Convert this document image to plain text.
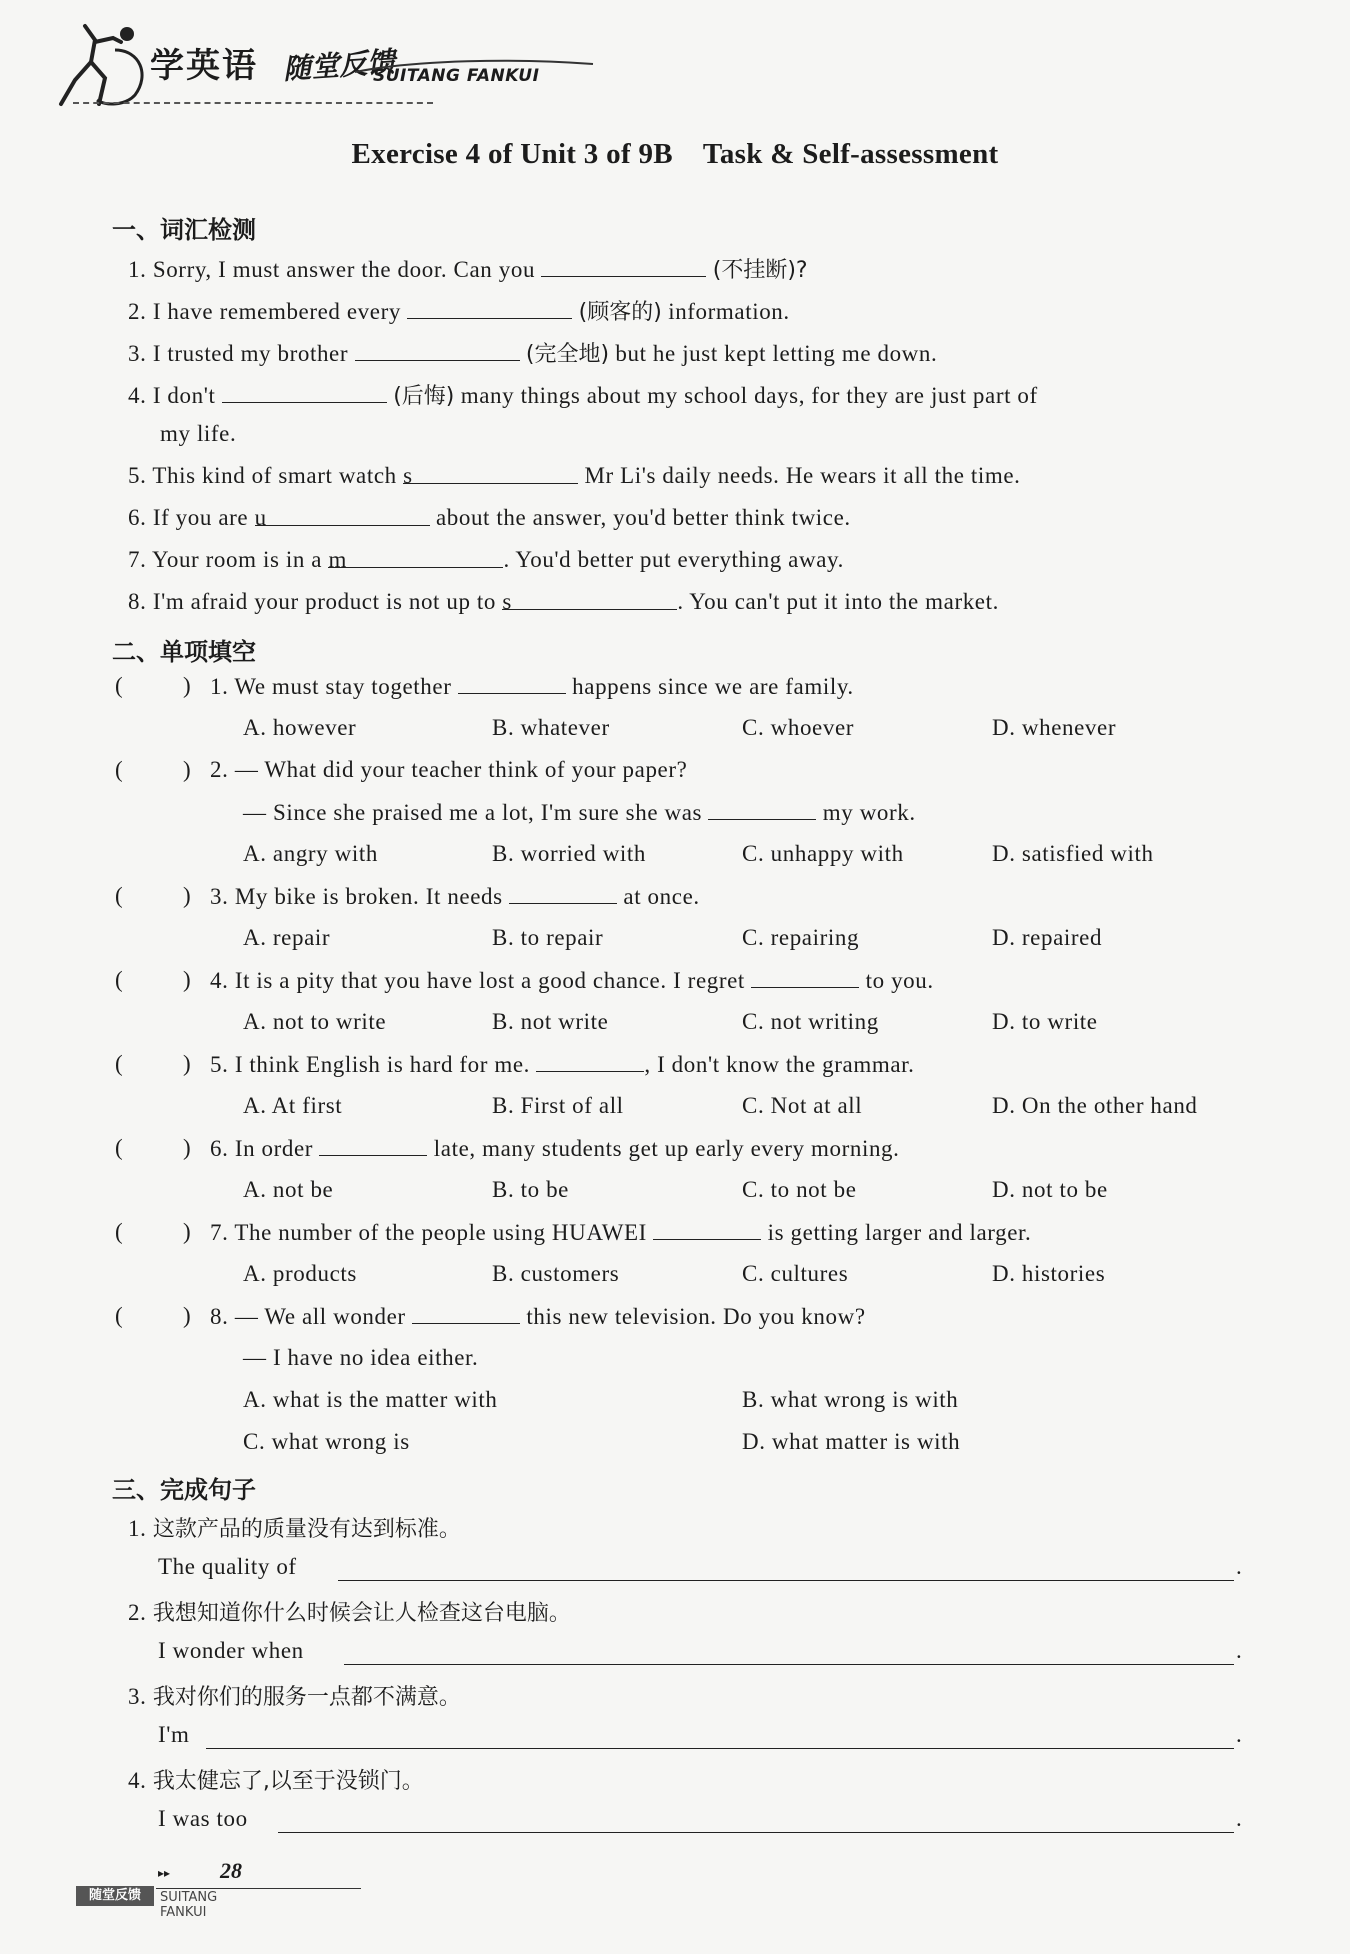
学英语 随堂反馈
SUITANG FANKUI
Exercise 4 of Unit 3 of 9B Task & Self-assessment
一、词汇检测
1. Sorry, I must answer the door. Can you	(不挂断)?
2. I have remembered every	(顾客的) information.
3. I trusted my brother	(完全地) but he just kept letting me down.
4. I don't	(后悔) many things about my school days, for they are just part of
my life.
5. This kind of smart watch s	Mr Li's daily needs. He wears it all the time.
6. If you are u	about the answer, you'd better think twice.
7. Your room is in a m	. You'd better put everything away.
8. I'm afraid your product is not up to s	. You can't put it into the market.
二、单项填空
(	) 1. We must stay together	happens since we are family.
A. however	B. whatever	C. whoever	D. whenever
(	) 2. — What did your teacher think of your paper?
— Since she praised me a lot, I'm sure she was	my work.
A. angry with	B. worried with	C. unhappy with	D. satisfied with
(	) 3. My bike is broken. It needs	at once.
A. repair	B. to repair	C. repairing	D. repaired
(	) 4. It is a pity that you have lost a good chance. I regret	to you.
A. not to write	B. not write	C. not writing	D. to write
(	) 5. I think English is hard for me.	, I don't know the grammar.
A. At first	B. First of all	C. Not at all	D. On the other hand
(	) 6. In order	late, many students get up early every morning.
A. not be	B. to be	C. to not be	D. not to be
(	) 7. The number of the people using HUAWEI	is getting larger and larger.
A. products	B. customers	C. cultures	D. histories
(	) 8. — We all wonder	this new television. Do you know?
— I have no idea either.
A. what is the matter with	B. what wrong is with
C. what wrong is	D. what matter is with
三、完成句子
1. 这款产品的质量没有达到标准。
The quality of	.
2. 我想知道你什么时候会让人检查这台电脑。
I wonder when	.
3. 我对你们的服务一点都不满意。
I'm	.
4. 我太健忘了,以至于没锁门。
I was too	.
▸▸ 28
随堂反馈	SUITANG FANKUI
